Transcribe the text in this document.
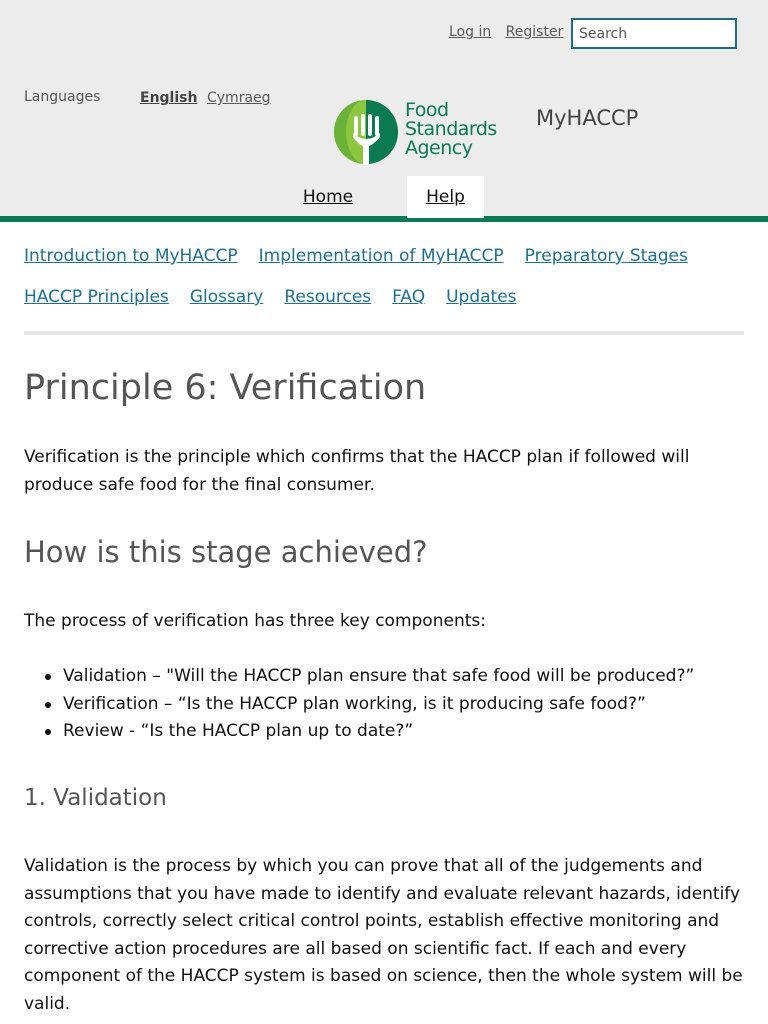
Log in Register
Search
Languages	English Cymraeg
Food
Standards
Agency
MyHACCP
Home	Help
Introduction to MyHACCP Implementation of MyHACCP Preparatory Stages
HACCP Principles Glossary Resources FAQ Updates
Principle 6: Verification

Verification is the principle which confirms that the HACCP plan if followed will produce safe food for the final consumer.

How is this stage achieved?

The process of verification has three key components:

Validation – "Will the HACCP plan ensure that safe food will be produced?”
Verification – “Is the HACCP plan working, is it producing safe food?”
Review - “Is the HACCP plan up to date?”
1. Validation

Validation is the process by which you can prove that all of the judgements and assumptions that you have made to identify and evaluate relevant hazards, identify controls, correctly select critical control points, establish effective monitoring and corrective action procedures are all based on scientific fact. If each and every component of the HACCP system is based on science, then the whole system will be valid.
